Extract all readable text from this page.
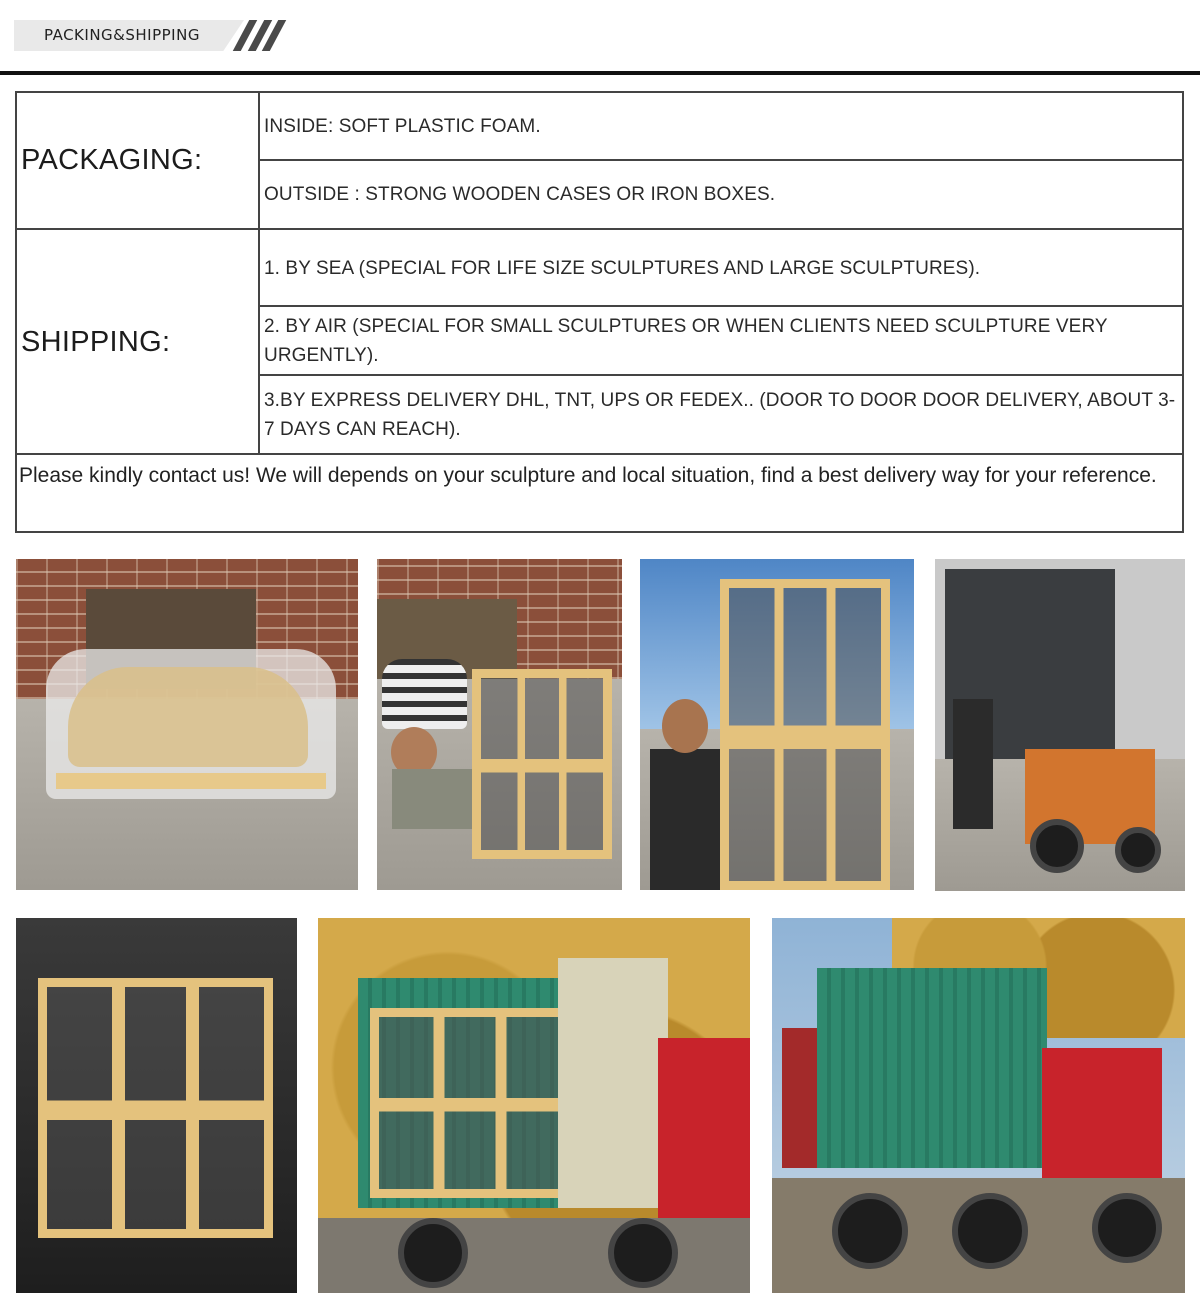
PACKING&SHIPPING
PACKAGING:
INSIDE: SOFT PLASTIC FOAM.
OUTSIDE : STRONG WOODEN CASES OR IRON BOXES.
SHIPPING:
1. BY SEA (SPECIAL FOR LIFE SIZE SCULPTURES AND LARGE SCULPTURES).
2. BY AIR (SPECIAL FOR SMALL SCULPTURES OR WHEN CLIENTS NEED SCULPTURE VERY URGENTLY).
3.BY EXPRESS DELIVERY DHL, TNT, UPS OR FEDEX.. (DOOR TO DOOR DOOR DELIVERY, ABOUT 3-7 DAYS CAN REACH).
Please kindly contact us! We will depends on your sculpture and local situation, find a best delivery way for your reference.
